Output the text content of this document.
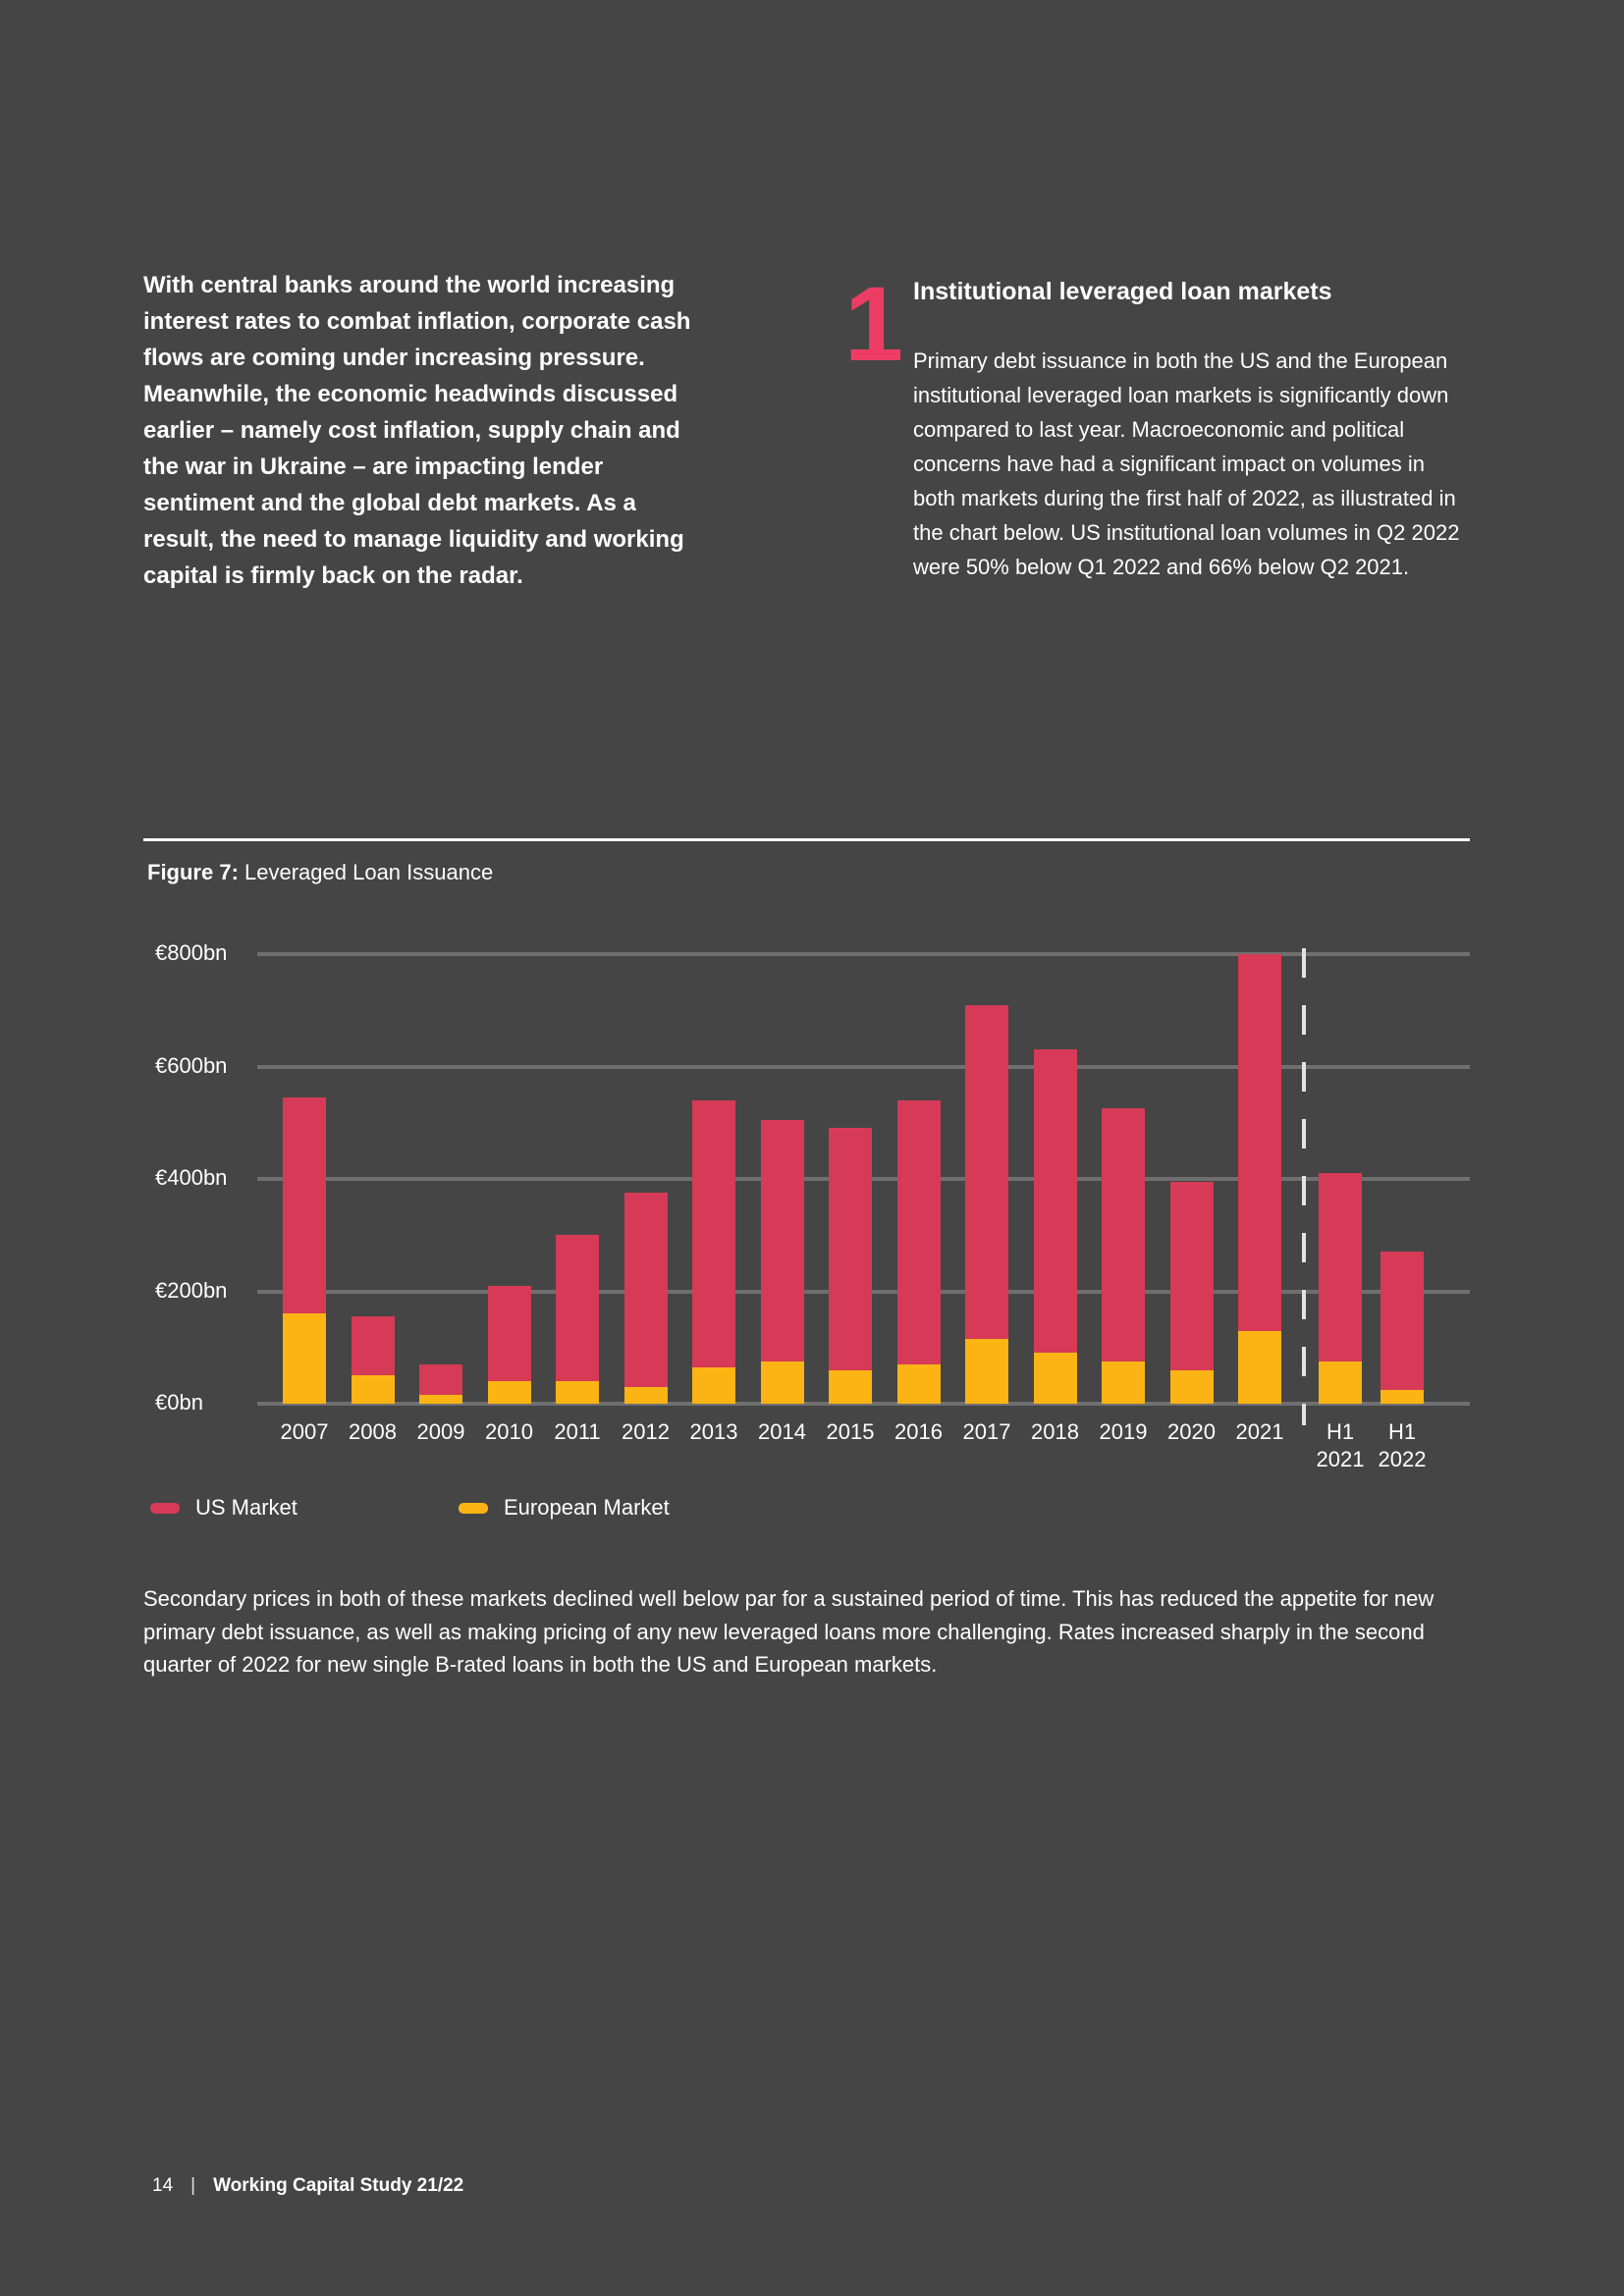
With central banks around the world increasing interest rates to combat inflation, corporate cash flows are coming under increasing pressure. Meanwhile, the economic headwinds discussed earlier – namely cost inflation, supply chain and the war in Ukraine – are impacting lender sentiment and the global debt markets. As a result, the need to manage liquidity and working capital is firmly back on the radar.
1 Institutional leveraged loan markets
Primary debt issuance in both the US and the European institutional leveraged loan markets is significantly down compared to last year. Macroeconomic and political concerns have had a significant impact on volumes in both markets during the first half of 2022, as illustrated in the chart below. US institutional loan volumes in Q2 2022 were 50% below Q1 2022 and 66% below Q2 2021.
Figure 7: Leveraged Loan Issuance
2007 2008 2009 2010 2011 2012 2013 2014 2015 2016 2017 2018 2019 2020 2021	H1
2021
H1
2022
US Market	European Market
€800bn
€600bn
€400bn
€200bn
€0bn
Secondary prices in both of these markets declined well below par for a sustained period of time. This has reduced the appetite for new primary debt issuance, as well as making pricing of any new leveraged loans more challenging. Rates increased sharply in the second quarter of 2022 for new single B-rated loans in both the US and European markets.
14 | Working Capital Study 21/22
